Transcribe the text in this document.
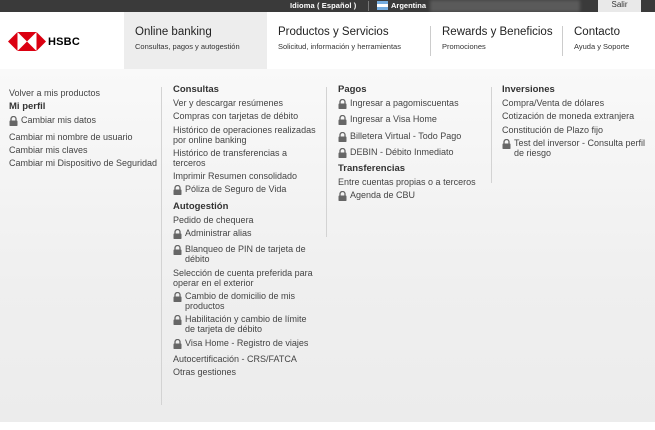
Idioma ( Español )	Argentina	Salir
HSBC
Online banking
Consultas, pagos y autogestión
Productos y Servicios
Solicitud, información y herramientas
Rewards y Beneficios
Promociones
Contacto
Ayuda y Soporte
Volver a mis productos
Mi perfil
Cambiar mis datos
Cambiar mi nombre de usuario
Cambiar mis claves
Cambiar mi Dispositivo de Seguridad
Consultas
Ver y descargar resúmenes
Compras con tarjetas de débito
Histórico de operaciones realizadas por online banking
Histórico de transferencias a terceros
Imprimir Resumen consolidado
Póliza de Seguro de Vida
Autogestión
Pedido de chequera
Administrar alias
Blanqueo de PIN de tarjeta de débito
Selección de cuenta preferida para operar en el exterior
Cambio de domicilio de mis productos
Habilitación y cambio de límite de tarjeta de débito
Visa Home - Registro de viajes
Autocertificación - CRS/FATCA
Otras gestiones
Pagos
Ingresar a pagomiscuentas
Ingresar a Visa Home
Billetera Virtual - Todo Pago
DEBIN - Débito Inmediato
Transferencias
Entre cuentas propias o a terceros
Agenda de CBU
Inversiones
Compra/Venta de dólares
Cotización de moneda extranjera
Constitución de Plazo fijo
Test del inversor - Consulta perfil de riesgo
